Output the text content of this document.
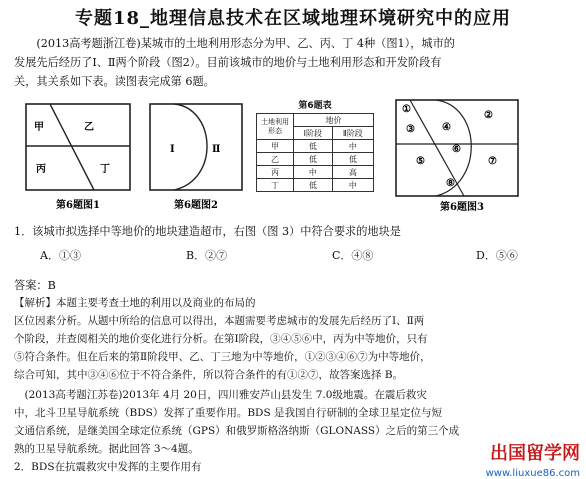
专题18_地理信息技术在区域地理环境研究中的应用
(2013高考题浙江卷)某城市的土地利用形态分为甲、乙、丙、丁 4种（图1），城市的
发展先后经历了Ⅰ、Ⅱ两个阶段（图2）。目前该城市的地价与土地利用形态和开发阶段有
关，其关系如下表。读图表完成第 6题。
甲	乙
丙	丁
第6题图1
Ⅰ	Ⅱ
第6题图2
第6题表
土地利用形态	地价	
	Ⅰ阶段	Ⅱ阶段
甲	低	中
乙	低	低
丙	中	高
丁	低	中
①
②
③	④
⑤
⑥
⑦
⑧
第6题图3
1．该城市拟选择中等地价的地块建造超市，右图（图 3）中符合要求的地块是
A．①③	B．②⑦	C．④⑧	D．⑤⑥
答案：B
【解析】本题主要考查土地的利用以及商业的布局的
区位因素分析。从题中所给的信息可以得出，本题需要考虑城市的发展先后经历了Ⅰ、Ⅱ两
个阶段，并查阅相关的地价变化进行分析。在第Ⅰ阶段，③④⑤⑥中，丙为中等地价，只有
⑤符合条件。但在后来的第Ⅱ阶段甲、乙、丁三地为中等地价，①②③④⑥⑦为中等地价，
综合可知，其中③④⑥位于不符合条件，所以符合条件的有①②⑦，故答案选择 B。
(2013高考题江苏卷)2013年 4月 20日，四川雅安芦山县发生 7.0级地震。在震后救灾
中，北斗卫星导航系统（BDS）发挥了重要作用。BDS 是我国自行研制的全球卫星定位与短
文通信系统，是继美国全球定位系统（GPS）和俄罗斯格洛纳斯（GLONASS）之后的第三个成
熟的卫星导航系统。据此回答 3～4题。
2．BDS在抗震救灾中发挥的主要作用有
出国留学网
www.liuxue86.com
